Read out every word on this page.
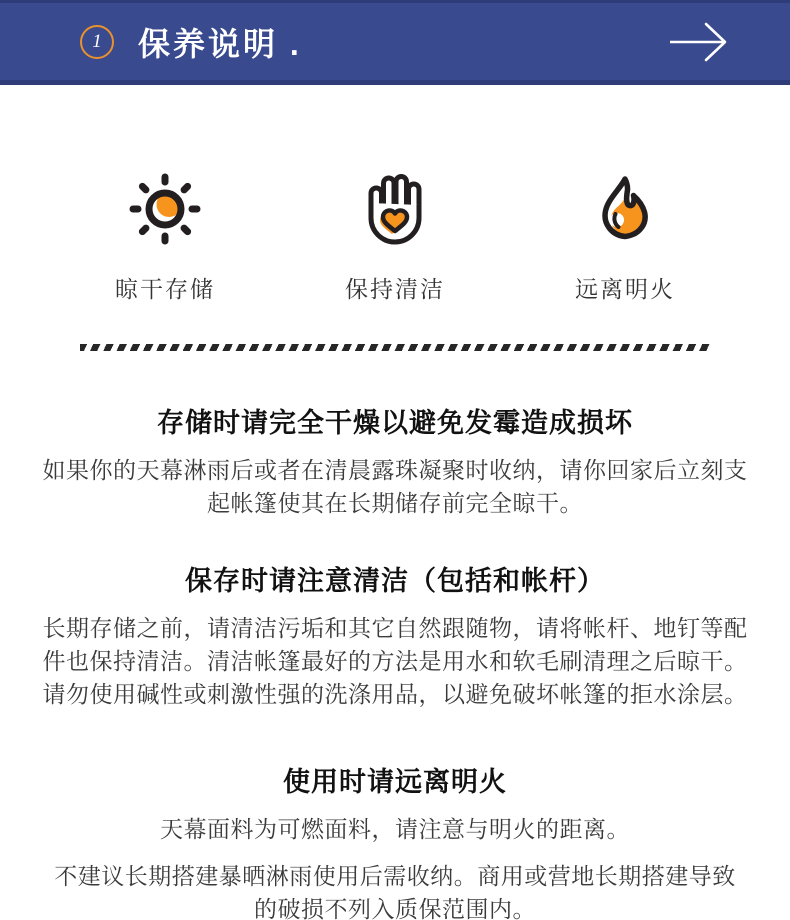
1 保养说明 .
晾干存储	保持清洁	远离明火
存储时请完全干燥以避免发霉造成损坏

如果你的天幕淋雨后或者在清晨露珠凝聚时收纳，请你回家后立刻支起帐篷使其在长期储存前完全晾干。

保存时请注意清洁（包括和帐杆）

长期存储之前，请清洁污垢和其它自然跟随物，请将帐杆、地钉等配件也保持清洁。清洁帐篷最好的方法是用水和软毛刷清理之后晾干。请勿使用碱性或刺激性强的洗涤用品，以避免破坏帐篷的拒水涂层。

使用时请远离明火

天幕面料为可燃面料，请注意与明火的距离。

不建议长期搭建暴晒淋雨使用后需收纳。商用或营地长期搭建导致的破损不列入质保范围内。
